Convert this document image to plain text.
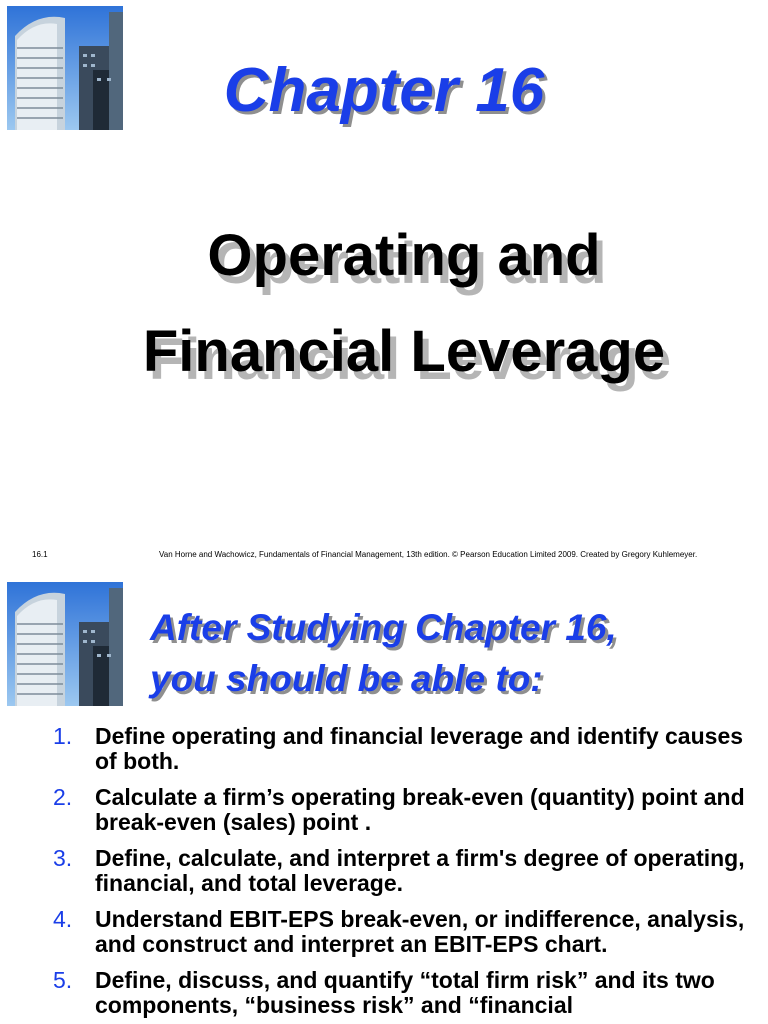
Chapter 16
Operating and
Financial Leverage
16.1	Van Horne and Wachowicz, Fundamentals of Financial Management, 13th edition. © Pearson Education Limited 2009. Created by Gregory Kuhlemeyer.
After Studying Chapter 16,
you should be able to:
1. Define operating and financial leverage and identify causes of both.
2. Calculate a firm’s operating break-even (quantity) point and break-even (sales) point .
3. Define, calculate, and interpret a firm's degree of operating, financial, and total leverage.
4. Understand EBIT-EPS break-even, or indifference, analysis, and construct and interpret an EBIT-EPS chart.
5. Define, discuss, and quantify “total firm risk” and its two components, “business risk” and “financial
